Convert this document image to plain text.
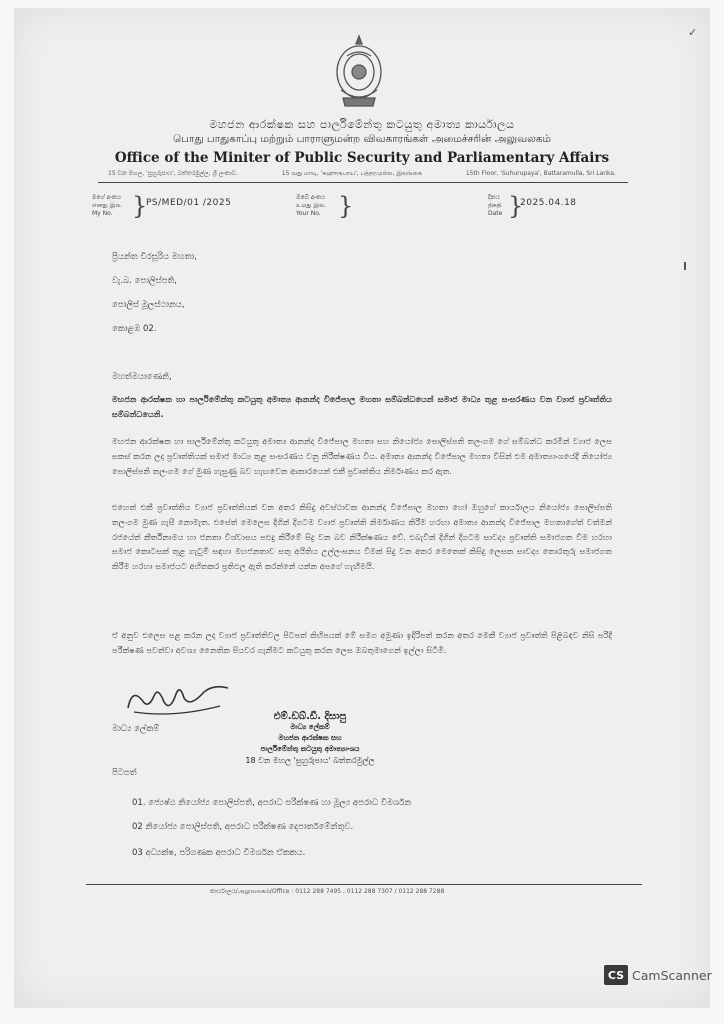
✓
මහජන ආරක්ෂක සහ පාර්ලිමේන්තු කටයුතු අමාත්‍ය කාර්යාලය
பொது பாதுகாப்பு மற்றும் பாராளுமன்ற விவகாரங்கள் அமைச்சரின் அலுவலகம்
Office of the Miniter of Public Security and Parliamentary Affairs
15 වන මහල, 'සුහුරුපාය', බත්තරමුල්ල, ශ්‍රී ලංකාව.	15 வது மாடி, 'சுஹுருபாய', பத்தரமுல்ல, இலங்கை	15th Floor, 'Suhurupaya', Battaramulla, Sri Lanka.
මගේ අංකය
எனது இல.
My No. }
PS/MED/01 /2025
ඔබේ අංකය
உமது இல.
Your No. }	දිනය
திகதி
Date }
2025.04.18
ප්‍රියන්ත වීරසූරිය මහතා,
වැ.බ. පොලිස්පති,
පොලිස් මූලස්ථානය,
කොළඹ 02.
මහත්මයාණෙනි,

මහජන ආරක්ෂක හා පාර්ලිමේන්තු කටයුතු අමාත්‍ය ආනන්ද විජේපාල මහතා සම්බන්ධයෙන් සමාජ මාධ්‍ය තුළ සංසරණය වන ව්‍යාජ ප්‍රවෘත්තිය සම්බන්ධයෙනි.

මහජන ආරක්ෂක හා පාර්ලිමේන්තු කටයුතු අමාත්‍ය ආනන්ද විජේපාල මහතා සහ නියෝජ්‍ය පොලිස්පති තලංගම ගේ සම්බන්ධ කරමින් ව්‍යාජ ලෙස සකස් කරන ලද ප්‍රවෘත්තියක් සමාජ මාධ්‍ය තුළ සංසරණය වනු නිරීක්ෂණය විය. අමාත්‍ය ආනන්ද විජේපාල මහතා විසින් එම අමාත්‍යාංශයේදී නියෝජ්‍ය පොලිස්පති තලංගම ගේ මුණ ගැසුණු බව හැඟවෙන ආකාරයෙන් එකී ප්‍රවෘත්තිය නිර්මාණය කර ඇත.

එහෙත් එකී ප්‍රවෘත්තිය ව්‍යාජ ප්‍රවෘත්තියක් වන අතර කිසිදු අවස්ථාවක ආනන්ද විජේපාල මහතා හෝ ඔහුගේ කාර්යාලය නියෝජ්‍ය පොලිස්පති තලංගම මුණ ගැසී නොමැත. එසේත් මෙලෙස දිගින් දිගටම ව්‍යාජ ප්‍රවෘත්ති නිර්මාණය කිරීම හරහා අමාත්‍ය ආනන්ද විජේපාල මහතාගේත් වත්මන් රජයේත් කීර්තිනාමය හා ජනතා විශ්වාසය පළුදු කිරීමේ සිදු වන බව නිරීක්ෂණය වේ. එබැවින් දිගින් දිගටම සාවද්‍ය ප්‍රවෘත්ති සමාජගත වීම හරහා සමාජ කොටසක් තුළ ගැටුම් සඳහා මහජනතාව සතු අයිතිය උල්ලංඝනය වීමක් සිදු වන අතර මෙතෙක් කිසිදු ලෙසක සාවද්‍ය තොරතුරු සමාජගත කිරීම හරහා සමාජයට අහිතකර ප්‍රතිඵල ඇති කරන්නේ යන්න අපගේ හැඟීමයි.

ඒ අනුව එලෙස පළ කරන ලද ව්‍යාජ ප්‍රවෘත්තිවල පිටපත් කිහිපයක් මේ සමග අමුණා ඉදිරිපත් කරන අතර මෙකී ව්‍යාජ ප්‍රවෘත්ති පිළිබඳව නිසි පරිදි පරීක්ෂණ පවත්වා අවශ්‍ය නෛතික පියවර ගැනීමට කටයුතු කරන ලෙස ඔබතුමාගෙන් ඉල්ලා සිටිමි.

මාධ්‍ය ලේකම්
එම්.ඩබ්.ඩී. දිසාපු
මාධ්‍ය ලේකම්
මහජන ආරක්ෂක සහ
පාර්ලිමේන්තු කටයුතු අමාත්‍යාංශය
18 වන මහල 'සුහුරුපාය' බත්තරමුල්ල
පිටපත්
01. ජ්‍යෙෂ්ඨ නියෝජ්‍ය පොලිස්පති, අපරාධ පරීක්ෂණ හා මූල්‍ය අපරාධ විමර්ශන
02 නියෝජ්‍ය පොලිස්පති, අපරාධ පරීක්ෂණ දෙපාර්තමේන්තුව.
03 අධ්‍යක්ෂ, පරිගණක අපරාධ විමර්ශන ඒකකය.
කාර්යාලය/அலுவலகம்/Office : 0112 288 7495 , 0112 288 7307 / 0112 288 7288
CS CamScanner
